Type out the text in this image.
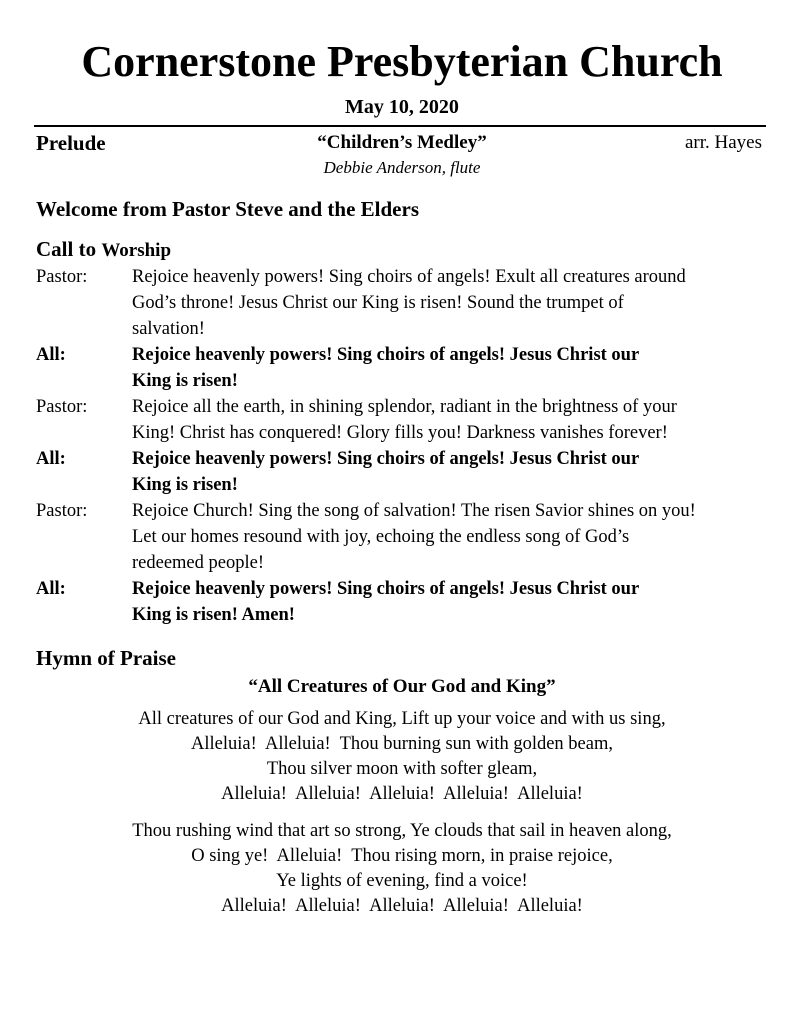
Cornerstone Presbyterian Church
May 10, 2020
Prelude	“Children’s Medley”	arr. Hayes
Debbie Anderson, flute
Welcome from Pastor Steve and the Elders
Call to Worship
Pastor:	Rejoice heavenly powers! Sing choirs of angels! Exult all creatures around
God’s throne! Jesus Christ our King is risen! Sound the trumpet of
salvation!
All:	Rejoice heavenly powers! Sing choirs of angels! Jesus Christ our
King is risen!
Pastor:	Rejoice all the earth, in shining splendor, radiant in the brightness of your
King! Christ has conquered! Glory fills you! Darkness vanishes forever!
All:	Rejoice heavenly powers! Sing choirs of angels! Jesus Christ our
King is risen!
Pastor:	Rejoice Church! Sing the song of salvation! The risen Savior shines on you!
Let our homes resound with joy, echoing the endless song of God’s
redeemed people!
All:	Rejoice heavenly powers! Sing choirs of angels! Jesus Christ our
King is risen! Amen!
Hymn of Praise
“All Creatures of Our God and King”
All creatures of our God and King, Lift up your voice and with us sing,
Alleluia!  Alleluia!  Thou burning sun with golden beam,
Thou silver moon with softer gleam,
Alleluia!  Alleluia!  Alleluia!  Alleluia!  Alleluia!
Thou rushing wind that art so strong, Ye clouds that sail in heaven along,
O sing ye!  Alleluia!  Thou rising morn, in praise rejoice,
Ye lights of evening, find a voice!
Alleluia!  Alleluia!  Alleluia!  Alleluia!  Alleluia!
